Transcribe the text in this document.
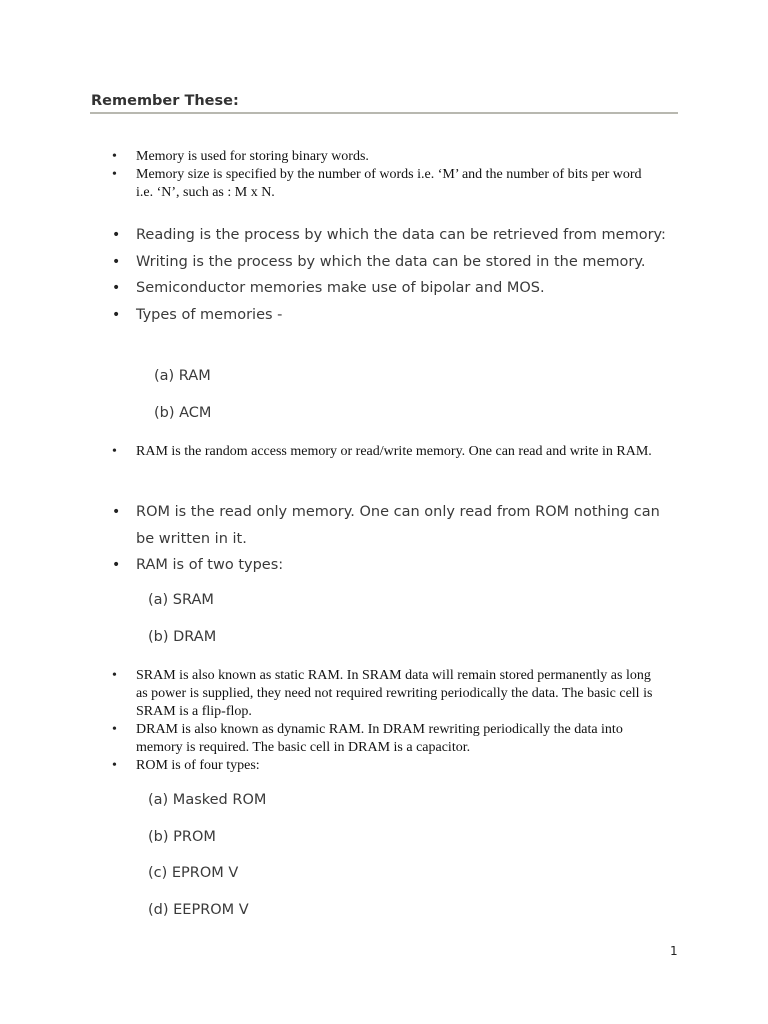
Remember These:
• Memory is used for storing binary words.
• Memory size is specified by the number of words i.e. ‘M’ and the number of bits per word i.e. ‘N’, such as : M x N.
• Reading is the process by which the data can be retrieved from memory:
• Writing is the process by which the data can be stored in the memory.
• Semiconductor memories make use of bipolar and MOS.
• Types of memories -
(a) RAM
(b) ACM
• RAM is the random access memory or read/write memory. One can read and write in RAM.
• ROM is the read only memory. One can only read from ROM nothing can be written in it.
• RAM is of two types:
(a) SRAM
(b) DRAM
• SRAM is also known as static RAM. In SRAM data will remain stored permanently as long as power is supplied, they need not required rewriting periodically the data. The basic cell is SRAM is a flip-flop.
• DRAM is also known as dynamic RAM. In DRAM rewriting periodically the data into memory is required. The basic cell in DRAM is a capacitor.
• ROM is of four types:
(a) Masked ROM
(b) PROM
(c) EPROM V
(d) EEPROM V
1
